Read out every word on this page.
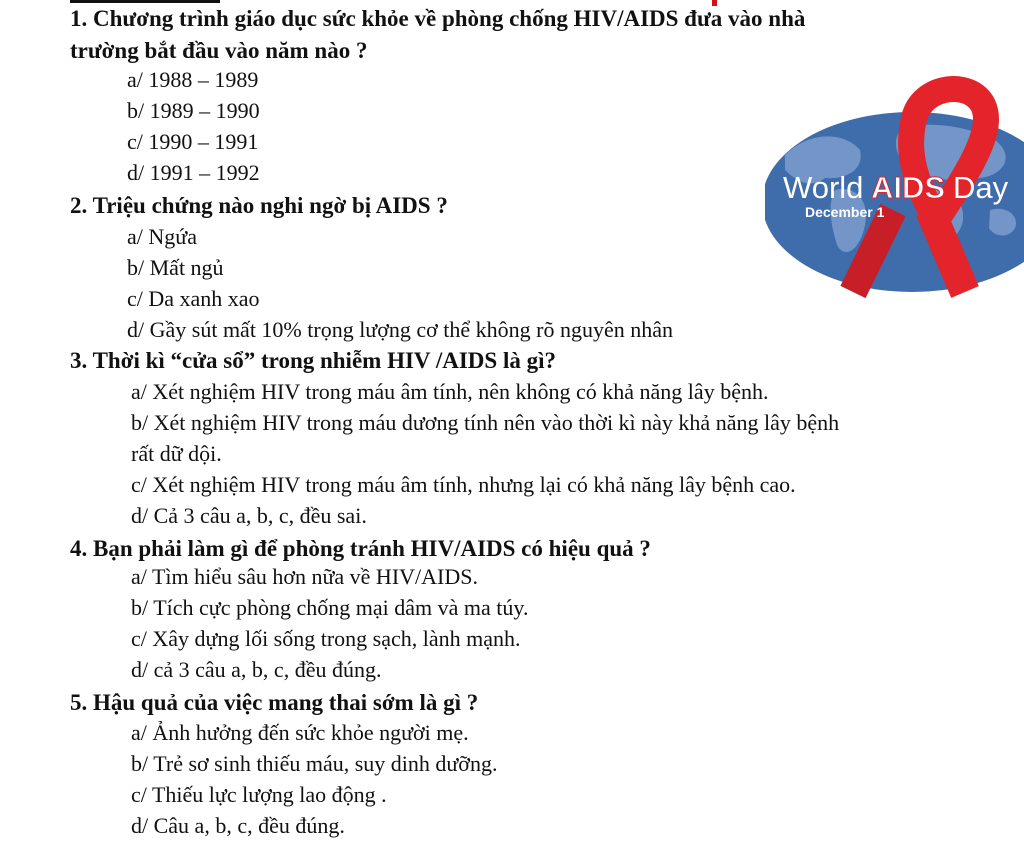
1. Chương trình giáo dục sức khỏe về phòng chống HIV/AIDS đưa vào nhà
trường bắt đầu vào năm nào ?
a/ 1988 – 1989
b/ 1989 – 1990
c/ 1990 – 1991
d/ 1991 – 1992
2. Triệu chứng nào nghi ngờ bị AIDS ?
a/ Ngứa
b/ Mất ngủ
c/ Da xanh xao
d/ Gầy sút mất 10% trọng lượng cơ thể không rõ nguyên nhân
3. Thời kì “cửa sổ” trong nhiễm HIV /AIDS là gì?
a/ Xét nghiệm HIV trong máu âm tính, nên không có khả năng lây bệnh.
b/ Xét nghiệm HIV trong máu dương tính nên vào thời kì này khả năng lây bệnh
rất dữ dội.
c/ Xét nghiệm HIV trong máu âm tính, nhưng lại có khả năng lây bệnh cao.
d/ Cả 3 câu a, b, c, đều sai.
4. Bạn phải làm gì để phòng tránh HIV/AIDS có hiệu quả ?
a/ Tìm hiểu sâu hơn nữa về HIV/AIDS.
b/ Tích cực phòng chống mại dâm và ma túy.
c/ Xây dựng lối sống trong sạch, lành mạnh.
d/ cả 3 câu a, b, c, đều đúng.
5. Hậu quả của việc mang thai sớm là gì ?
a/ Ảnh hưởng đến sức khỏe người mẹ.
b/ Trẻ sơ sinh thiếu máu, suy dinh dưỡng.
c/ Thiếu lực lượng lao động .
d/ Câu a, b, c, đều đúng.
World AIDS Day
December 1
